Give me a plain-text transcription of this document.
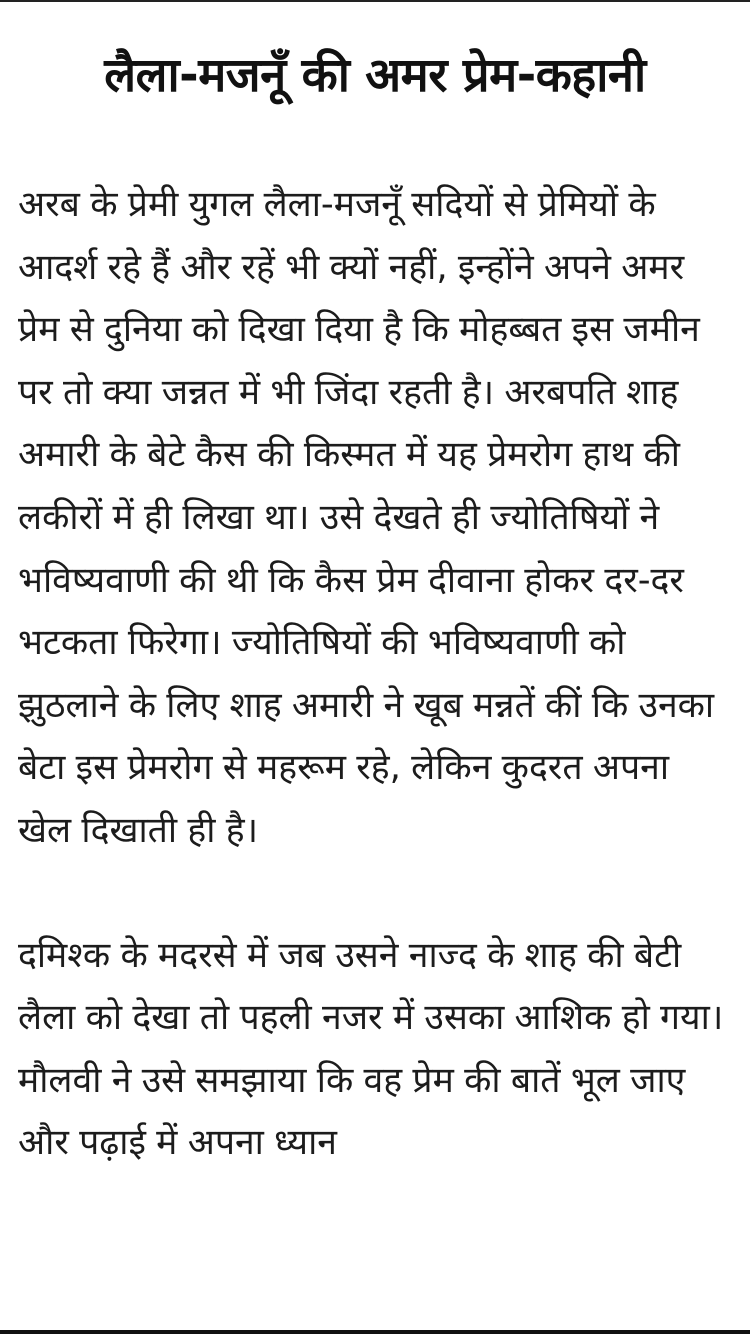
लैला-मजनूँ की अमर प्रेम-कहानी

अरब के प्रेमी युगल लैला-मजनूँ सदियों से प्रेमियों के आदर्श रहे हैं और रहें भी क्यों नहीं, इन्होंने अपने अमर प्रेम से दुनिया को दिखा दिया है कि मोहब्बत इस जमीन पर तो क्या जन्नत में भी जिंदा रहती है। अरबपति शाह अमारी के बेटे कैस की किस्मत में यह प्रेमरोग हाथ की लकीरों में ही लिखा था। उसे देखते ही ज्योतिषियों ने भविष्यवाणी की थी कि कैस प्रेम दीवाना होकर दर-दर भटकता फिरेगा। ज्योतिषियों की भविष्यवाणी को झुठलाने के लिए शाह अमारी ने खूब मन्नतें कीं कि उनका बेटा इस प्रेमरोग से महरूम रहे, लेकिन कुदरत अपना खेल दिखाती ही है।

दमिश्क के मदरसे में जब उसने नाज्द के शाह की बेटी लैला को देखा तो पहली नजर में उसका आशिक हो गया। मौलवी ने उसे समझाया कि वह प्रेम की बातें भूल जाए और पढ़ाई में अपना ध्यान
